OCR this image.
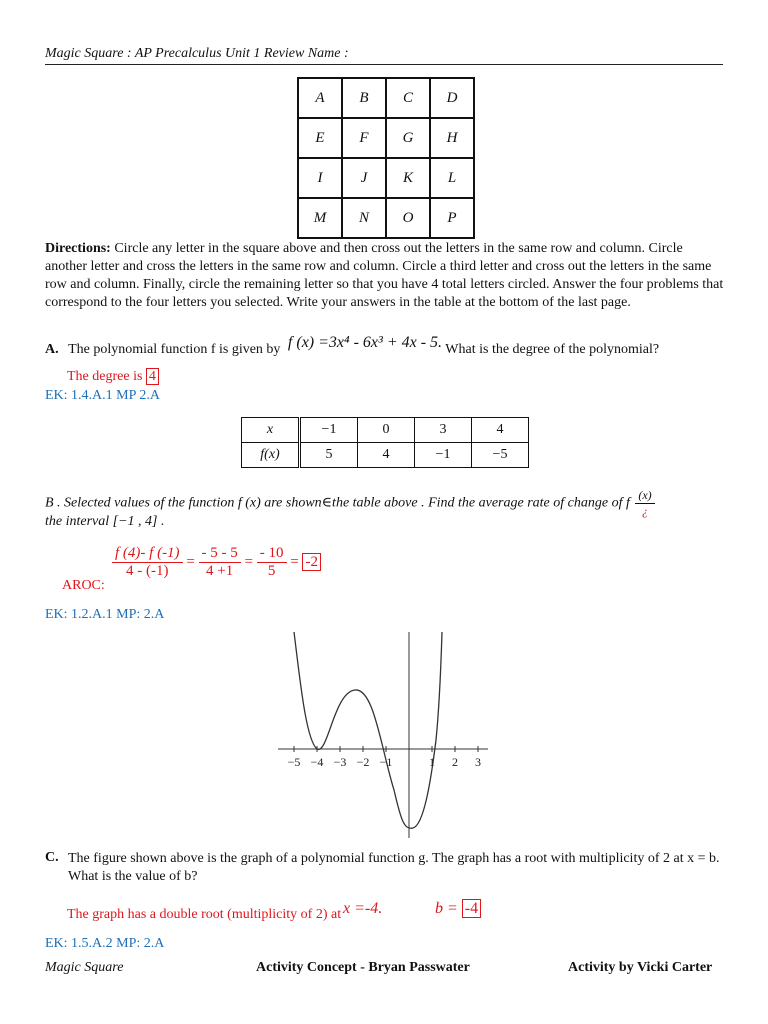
Magic Square : AP Precalculus Unit 1 Review Name :
A	B	C	D
E	F	G	H
I	J	K	L
M	N	O	P
Directions: Circle any letter in the square above and then cross out the letters in the same row and column. Circle another letter and cross the letters in the same row and column. Circle a third letter and cross out the letters in the same row and column. Finally, circle the remaining letter so that you have 4 total letters circled. Answer the four problems that correspond to the four letters you selected. Write your answers in the table at the bottom of the last page.
A. The polynomial function f is given by f (x) =3x⁴ - 6x³ + 4x - 5. What is the degree of the polynomial?
The degree is 4
EK: 1.4.A.1 MP 2.A
x	−1	0	3	4
f(x)	5	4	−1	−5
B . Selected values of the function f (x) are shown∈the table above . Find the average rate of change of f $\frac{(x)}{¿}$
the interval [−1 , 4] .
AROC:
$\frac{f (4)- f (-1)}{4 - (-1)} = \frac{- 5 - 5}{4 +1} = \frac{- 10}{5} = -2$
EK: 1.2.A.1 MP: 2.A
−5 −4 −3 −2 −1	1 2 3
C. The figure shown above is the graph of a polynomial function g. The graph has a root with multiplicity of 2 at x = b. What is the value of b?
The graph has a double root (multiplicity of 2) at x =-4.	b = -4
EK: 1.5.A.2 MP: 2.A
Magic Square	Activity Concept - Bryan Passwater	Activity by Vicki Carter
